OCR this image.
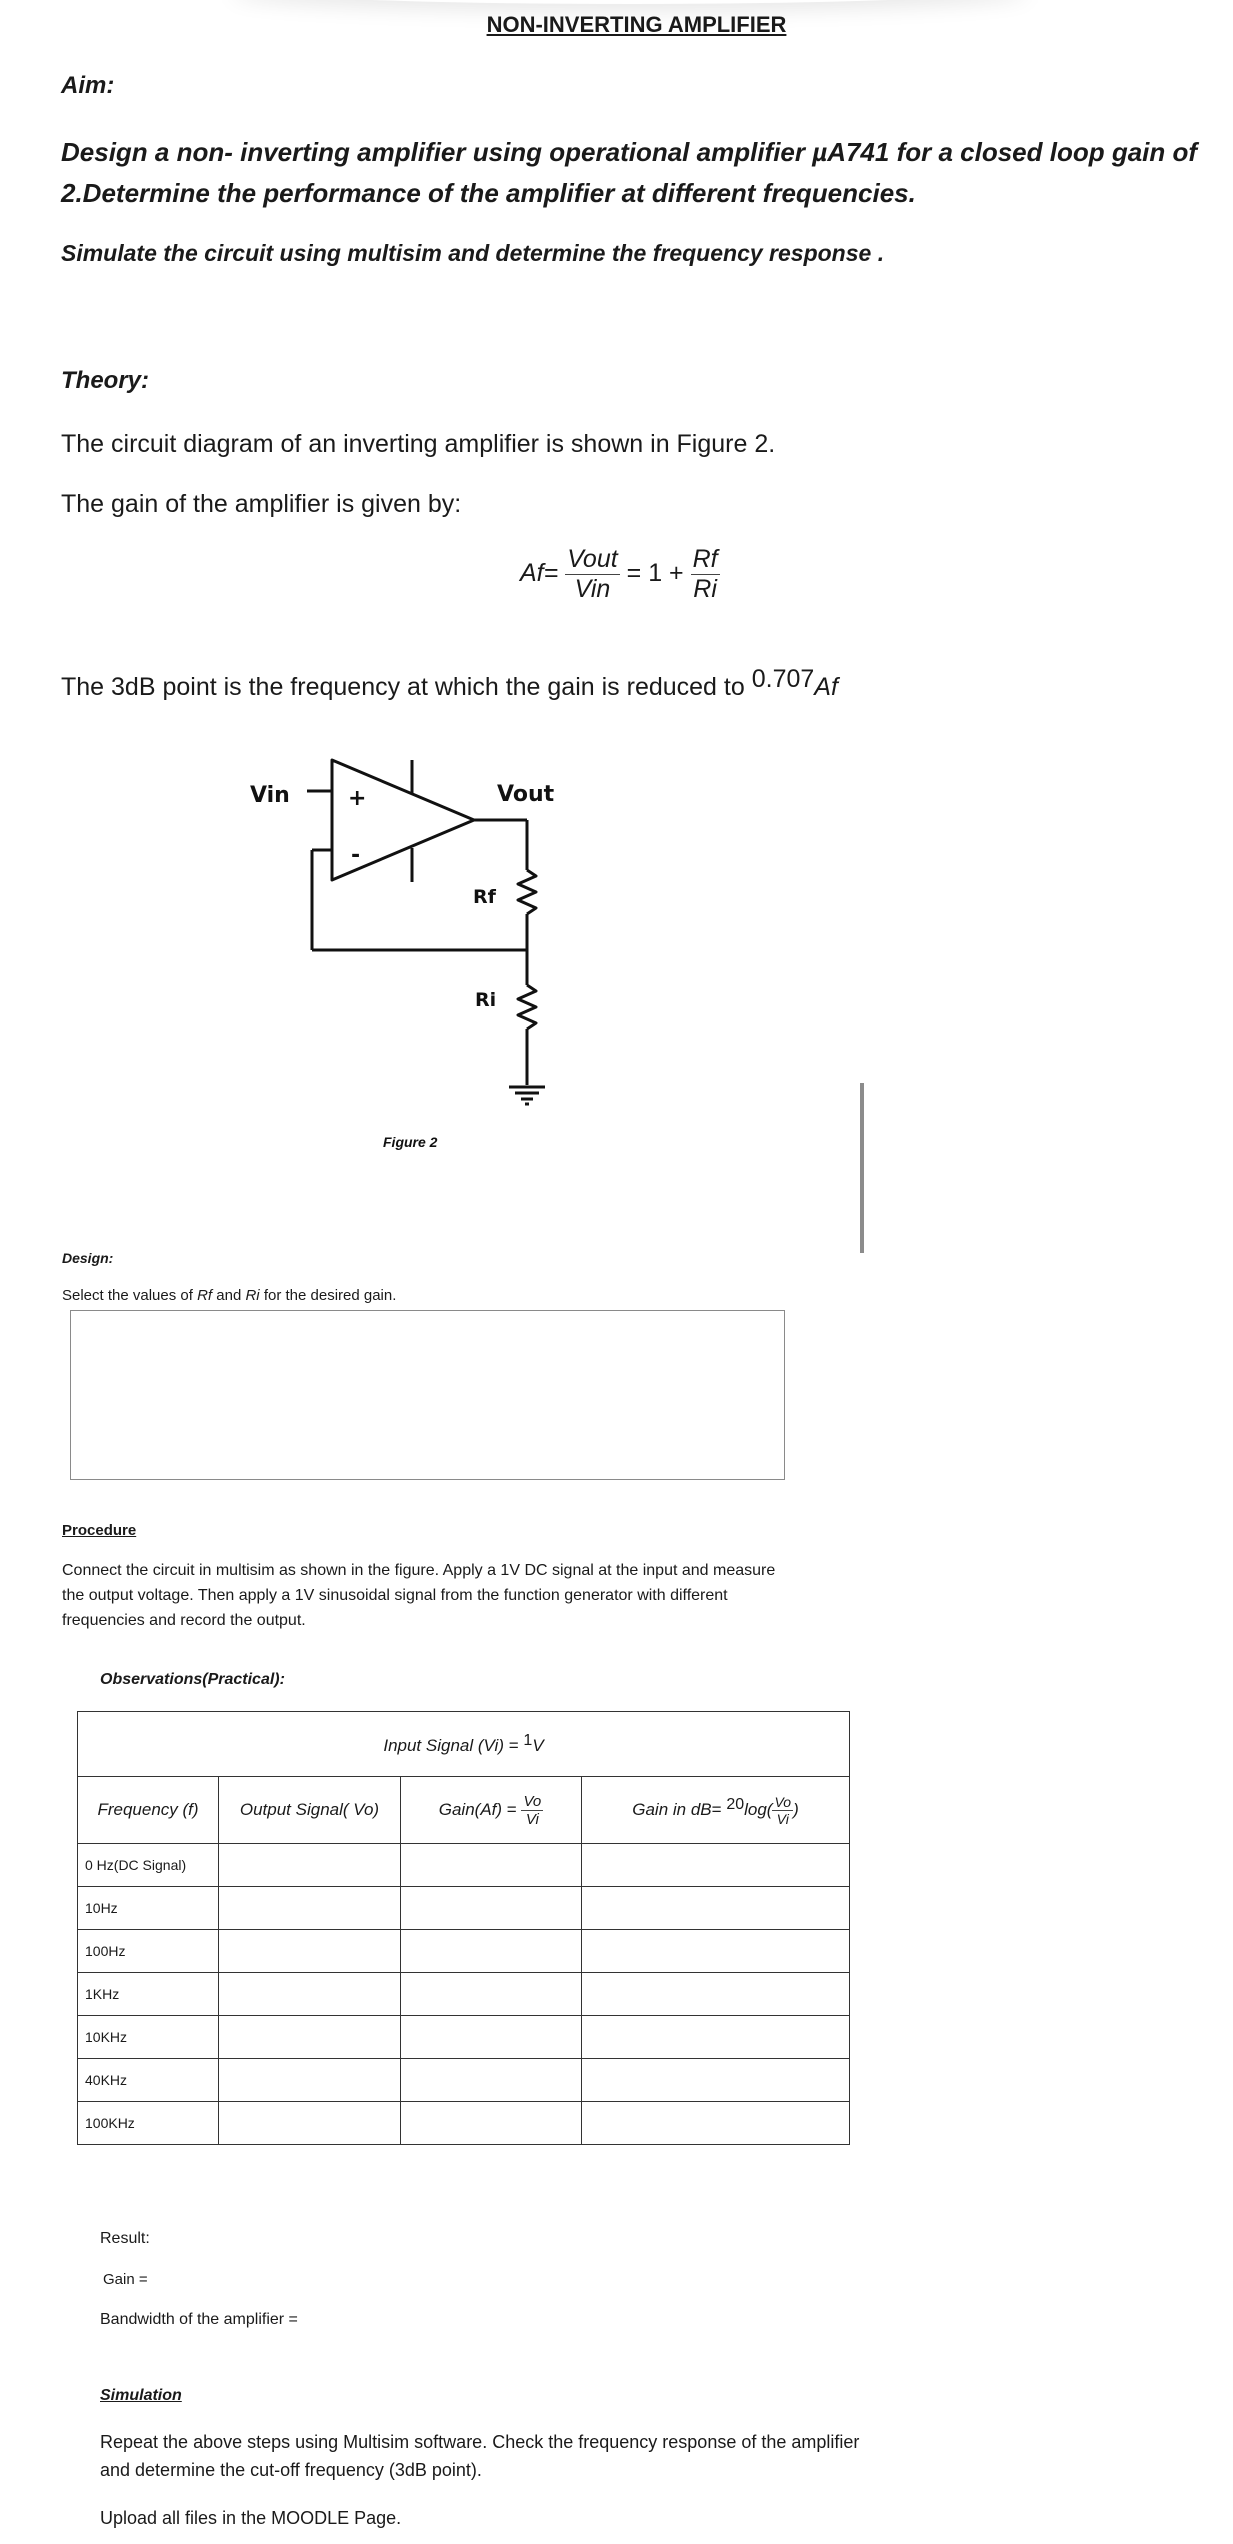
NON-INVERTING AMPLIFIER
Aim:
Design a non- inverting amplifier using operational amplifier µA741 for a closed loop gain of 2.Determine the performance of the amplifier at different frequencies.
Simulate the circuit using multisim and determine the frequency response .
Theory:
The circuit diagram of an inverting amplifier is shown in Figure 2.
The gain of the amplifier is given by:
$Af= \frac{\text{Vout}}{\text{Vin}} = 1 + \frac{Rf}{Ri}$
The 3dB point is the frequency at which the gain is reduced to 0.707Af
Vin	Vout
+
-
Rf
Ri
Figure 2
Design:
Select the values of Rf and Ri for the desired gain.
Procedure
Connect the circuit in multisim as shown in the figure. Apply a 1V DC signal at the input and measure the output voltage. Then apply a 1V sinusoidal signal from the function generator with different frequencies and record the output.
Observations(Practical):
Input Signal (Vi) = 1V			
Frequency (f)	Output Signal( Vo)	Gain(Af) = $\frac{Vo}{Vi}$	Gain in $dB= 20\log( \frac{Vo}{Vi}$ )
0 Hz(DC Signal)			
10Hz			
100Hz			
1KHz			
10KHz			
40KHz			
100KHz			
Result:
Gain =
Bandwidth of the amplifier =
Simulation
Repeat the above steps using Multisim software. Check the frequency response of the amplifier and determine the cut-off frequency (3dB point).
Upload all files in the MOODLE Page.
